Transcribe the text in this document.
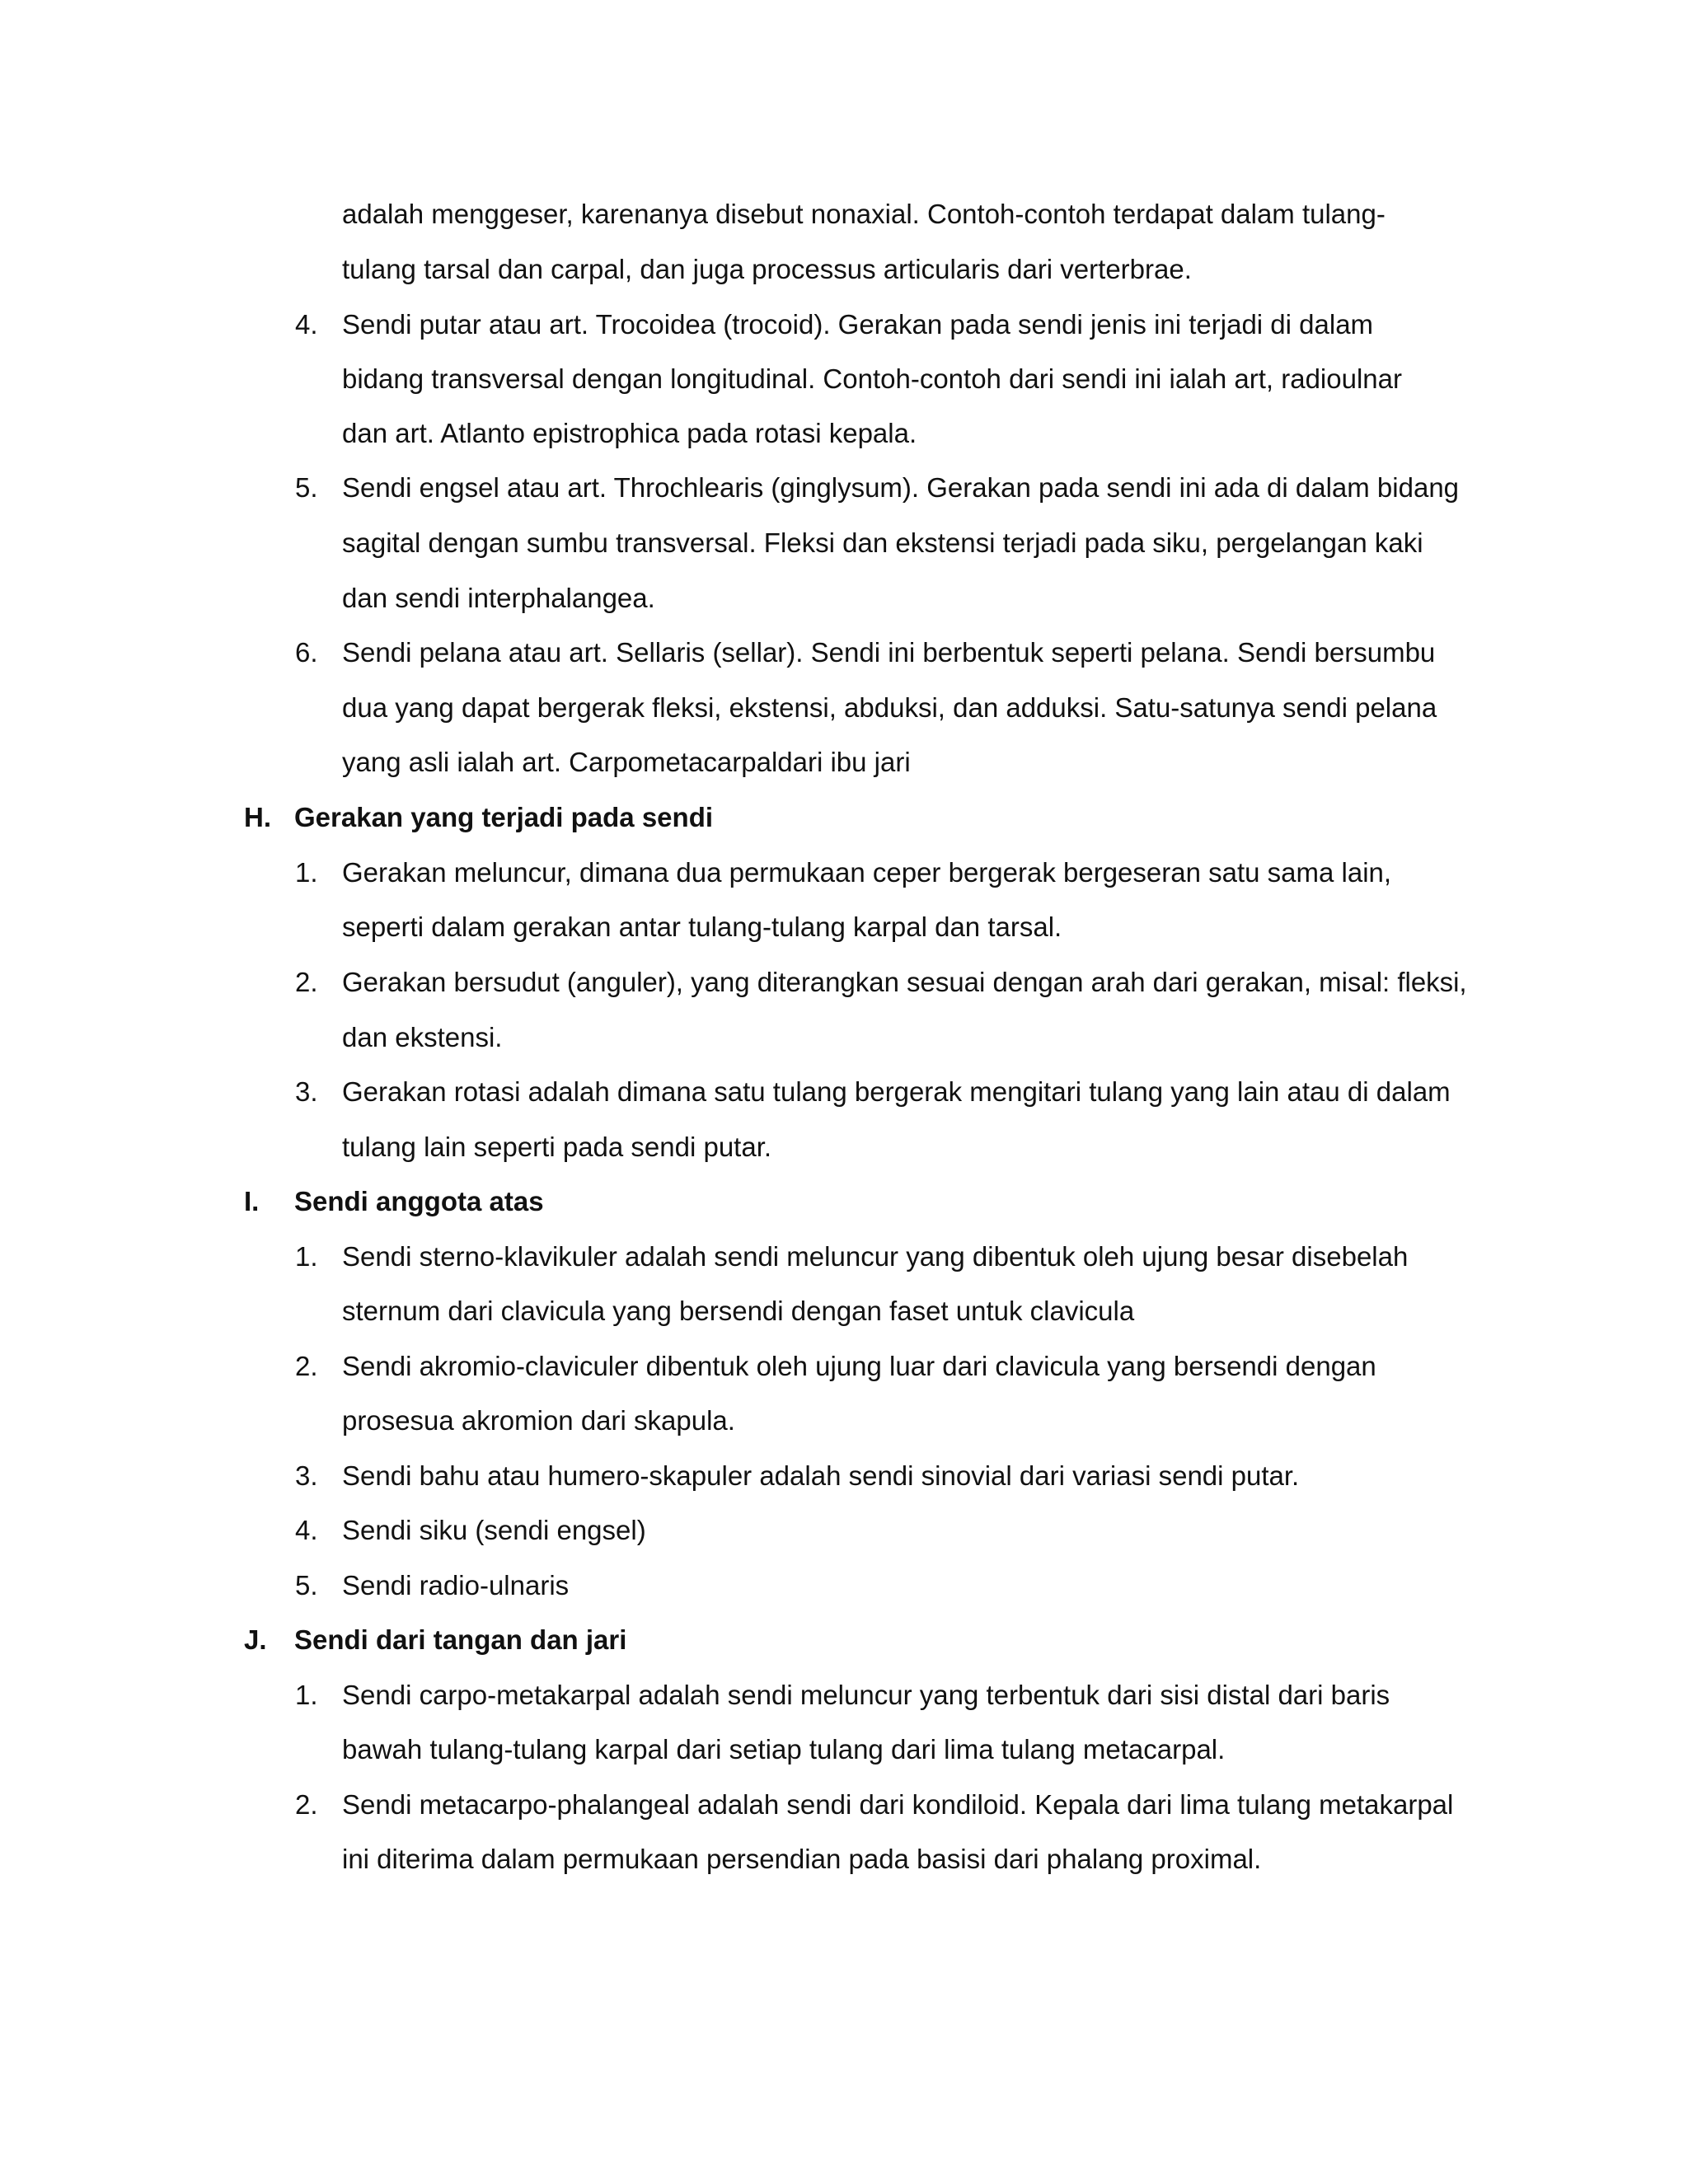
adalah menggeser, karenanya disebut nonaxial. Contoh-contoh terdapat dalam tulang-
tulang tarsal dan carpal, dan juga processus articularis dari verterbrae.
4. Sendi putar atau art. Trocoidea (trocoid). Gerakan pada sendi jenis ini terjadi di dalam
bidang transversal dengan longitudinal. Contoh-contoh dari sendi ini ialah art, radioulnar
dan art. Atlanto epistrophica pada rotasi kepala.
5. Sendi engsel atau art. Throchlearis (ginglysum). Gerakan pada sendi ini ada di dalam bidang
sagital dengan sumbu transversal. Fleksi dan ekstensi terjadi pada siku, pergelangan kaki
dan sendi interphalangea.
6. Sendi pelana atau art. Sellaris (sellar). Sendi ini berbentuk seperti pelana. Sendi bersumbu
dua yang dapat bergerak fleksi, ekstensi, abduksi, dan adduksi. Satu-satunya sendi pelana
yang asli ialah art. Carpometacarpaldari ibu jari
H. Gerakan yang terjadi pada sendi
1. Gerakan meluncur, dimana dua permukaan ceper bergerak bergeseran satu sama lain,
seperti dalam gerakan antar tulang-tulang karpal dan tarsal.
2. Gerakan bersudut (anguler), yang diterangkan sesuai dengan arah dari gerakan, misal: fleksi,
dan ekstensi.
3. Gerakan rotasi adalah dimana satu tulang bergerak mengitari tulang yang lain atau di dalam
tulang lain seperti pada sendi putar.
I. Sendi anggota atas
1. Sendi sterno-klavikuler adalah sendi meluncur yang dibentuk oleh ujung besar disebelah
sternum dari clavicula yang bersendi dengan faset untuk clavicula
2. Sendi akromio-claviculer dibentuk oleh ujung luar dari clavicula yang bersendi dengan
prosesua akromion dari skapula.
3. Sendi bahu atau humero-skapuler adalah sendi sinovial dari variasi sendi putar.
4. Sendi siku (sendi engsel)
5. Sendi radio-ulnaris
J. Sendi dari tangan dan jari
1. Sendi carpo-metakarpal adalah sendi meluncur yang terbentuk dari sisi distal dari baris
bawah tulang-tulang karpal dari setiap tulang dari lima tulang metacarpal.
2. Sendi metacarpo-phalangeal adalah sendi dari kondiloid. Kepala dari lima tulang metakarpal
ini diterima dalam permukaan persendian pada basisi dari phalang proximal.
